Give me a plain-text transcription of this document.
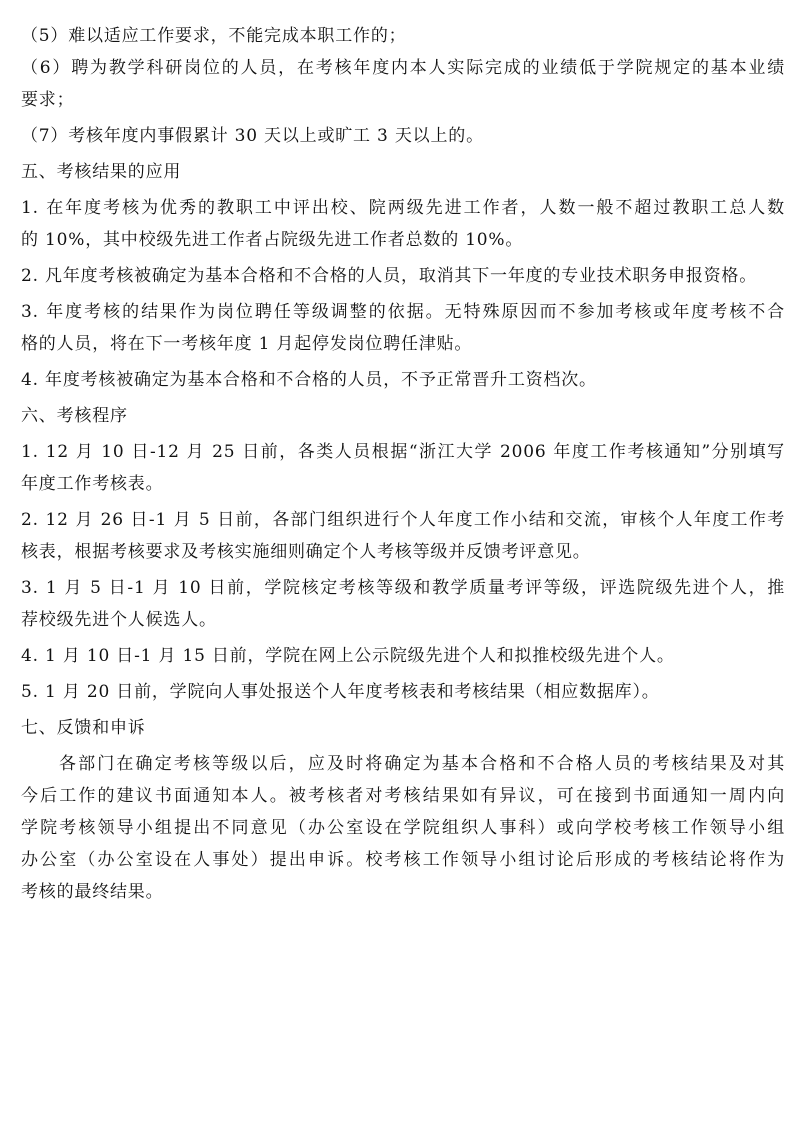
（5）难以适应工作要求，不能完成本职工作的；

（6）聘为教学科研岗位的人员，在考核年度内本人实际完成的业绩低于学院规定的基本业绩

要求；

（7）考核年度内事假累计 30 天以上或旷工 3 天以上的。

五、考核结果的应用

1. 在年度考核为优秀的教职工中评出校、院两级先进工作者，人数一般不超过教职工总人数

的 10%，其中校级先进工作者占院级先进工作者总数的 10%。

2. 凡年度考核被确定为基本合格和不合格的人员，取消其下一年度的专业技术职务申报资格。

3. 年度考核的结果作为岗位聘任等级调整的依据。无特殊原因而不参加考核或年度考核不合

格的人员，将在下一考核年度 1 月起停发岗位聘任津贴。

4. 年度考核被确定为基本合格和不合格的人员，不予正常晋升工资档次。

六、考核程序

1. 12 月 10 日-12 月 25 日前，各类人员根据“浙江大学 2006 年度工作考核通知”分别填写

年度工作考核表。

2. 12 月 26 日-1 月 5 日前，各部门组织进行个人年度工作小结和交流，审核个人年度工作考

核表，根据考核要求及考核实施细则确定个人考核等级并反馈考评意见。

3. 1 月 5 日-1 月 10 日前，学院核定考核等级和教学质量考评等级，评选院级先进个人，推

荐校级先进个人候选人。

4. 1 月 10 日-1 月 15 日前，学院在网上公示院级先进个人和拟推校级先进个人。

5. 1 月 20 日前，学院向人事处报送个人年度考核表和考核结果（相应数据库）。

七、反馈和申诉

各部门在确定考核等级以后，应及时将确定为基本合格和不合格人员的考核结果及对其

今后工作的建议书面通知本人。被考核者对考核结果如有异议，可在接到书面通知一周内向

学院考核领导小组提出不同意见（办公室设在学院组织人事科）或向学校考核工作领导小组

办公室（办公室设在人事处）提出申诉。校考核工作领导小组讨论后形成的考核结论将作为

考核的最终结果。
